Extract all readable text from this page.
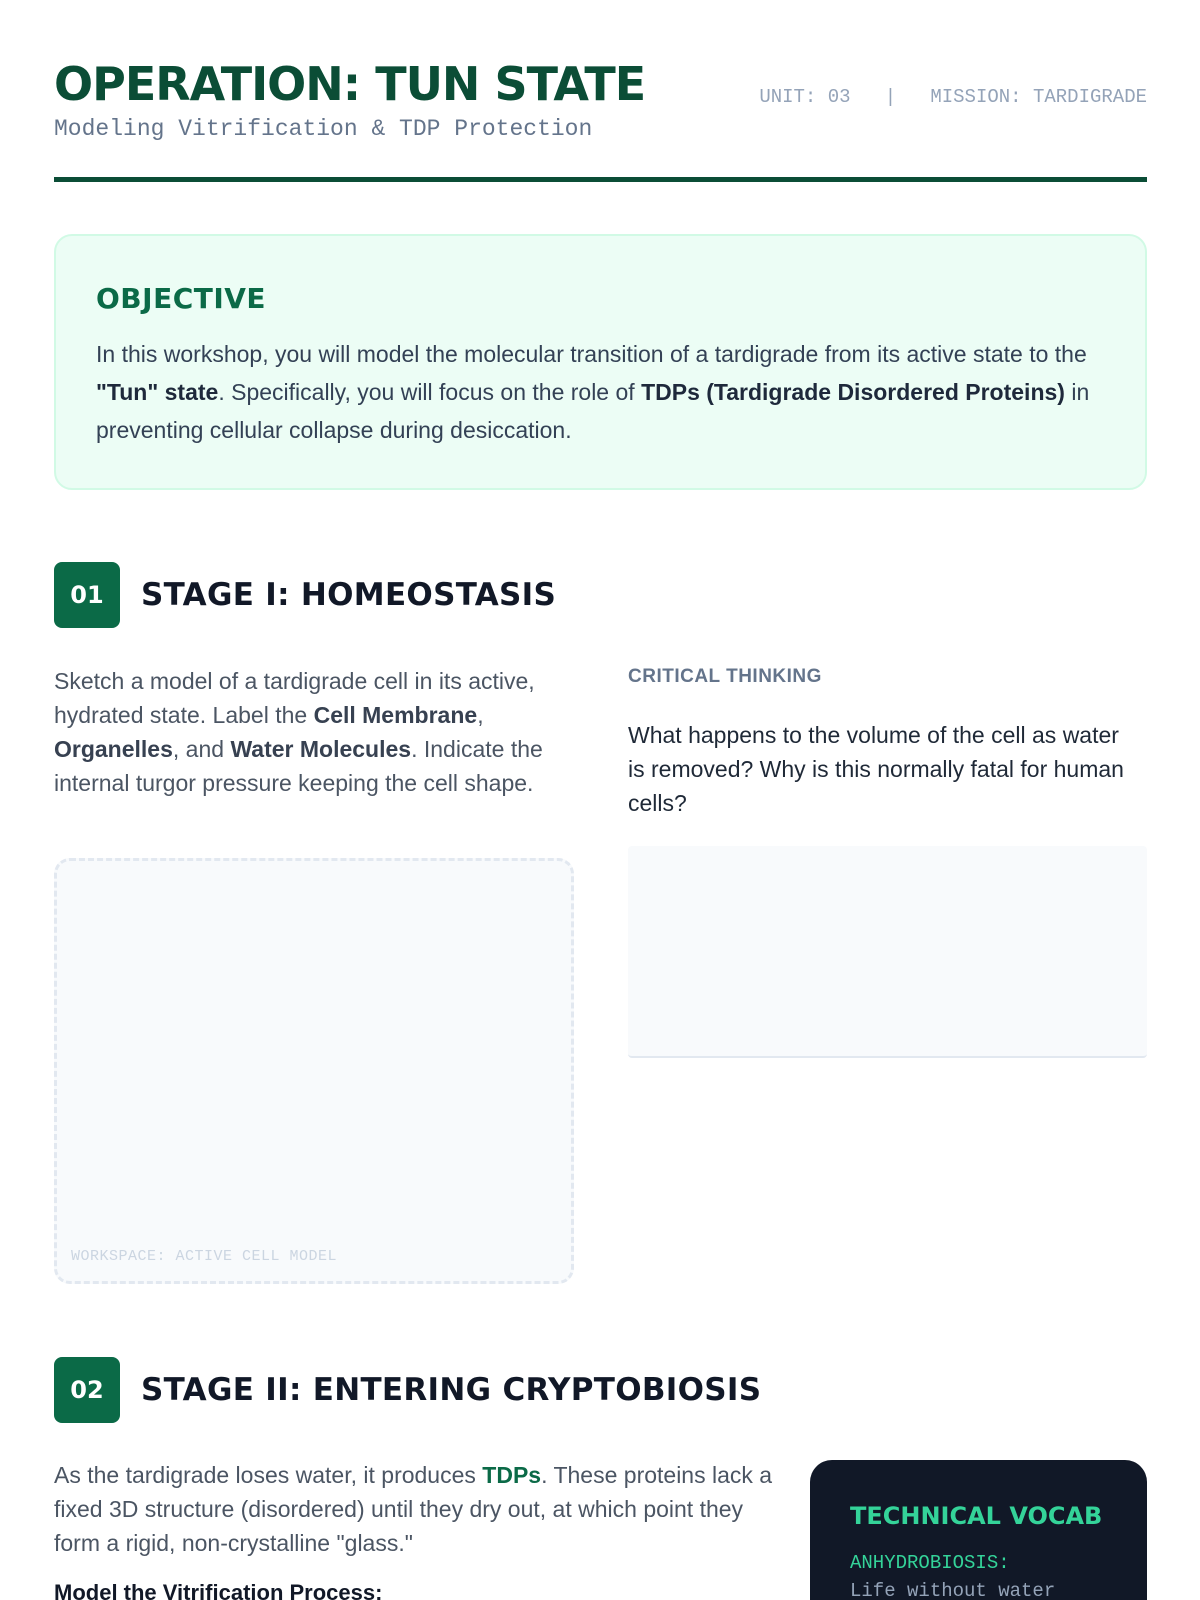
OPERATION: TUN STATE
Modeling Vitrification & TDP Protection
UNIT: 03   |   MISSION: TARDIGRADE
OBJECTIVE

In this workshop, you will model the molecular transition of a tardigrade from its active state to the "Tun" state. Specifically, you will focus on the role of TDPs (Tardigrade Disordered Proteins) in preventing cellular collapse during desiccation.

01	STAGE I: HOMEOSTASIS

Sketch a model of a tardigrade cell in its active, hydrated state. Label the Cell Membrane, Organelles, and Water Molecules. Indicate the internal turgor pressure keeping the cell shape.

WORKSPACE: ACTIVE CELL MODEL
CRITICAL THINKING

What happens to the volume of the cell as water is removed? Why is this normally fatal for human cells?

02	STAGE II: ENTERING CRYPTOBIOSIS

As the tardigrade loses water, it produces TDPs. These proteins lack a fixed 3D structure (disordered) until they dry out, at which point they form a rigid, non-crystalline "glass."

Model the Vitrification Process:
TECHNICAL VOCAB
ANHYDROBIOSIS:
Life without water
